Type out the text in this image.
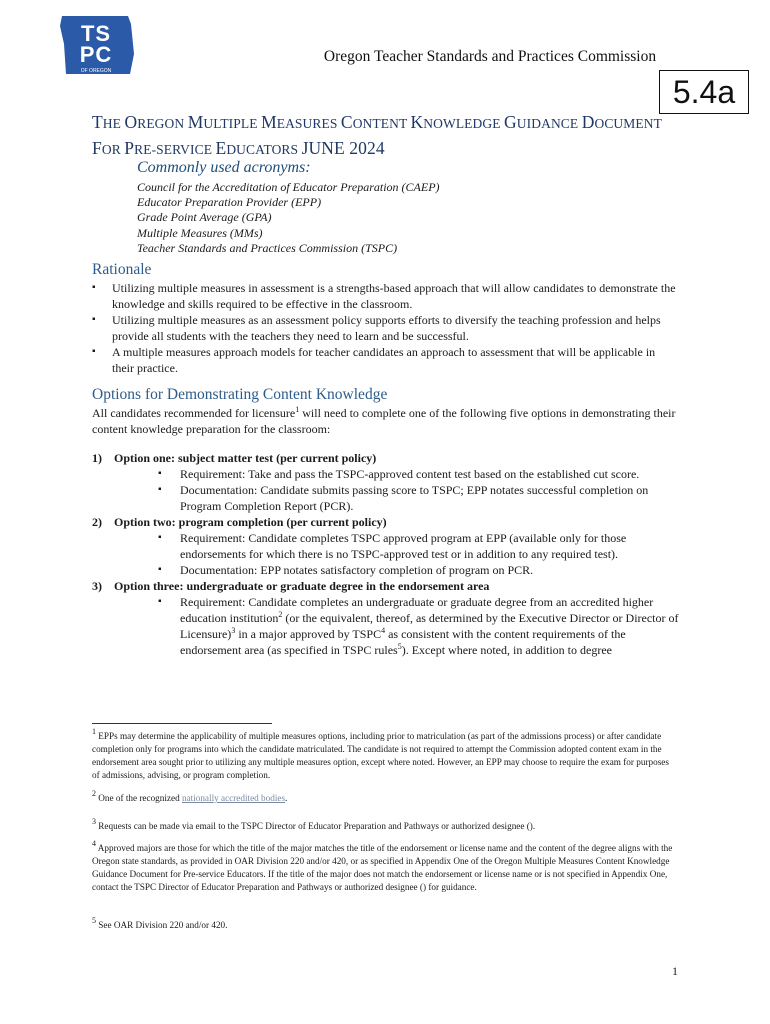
TS
PC
OF OREGON
Oregon Teacher Standards and Practices Commission
5.4a
THE OREGON MULTIPLE MEASURES CONTENT KNOWLEDGE GUIDANCE DOCUMENT
FOR PRE-SERVICE EDUCATORS JUNE 2024
Commonly used acronyms:
Council for the Accreditation of Educator Preparation (CAEP)
Educator Preparation Provider (EPP)
Grade Point Average (GPA)
Multiple Measures (MMs)
Teacher Standards and Practices Commission (TSPC)
Rationale
▪ Utilizing multiple measures in assessment is a strengths-based approach that will allow candidates to demonstrate the knowledge and skills required to be effective in the classroom.
▪ Utilizing multiple measures as an assessment policy supports efforts to diversify the teaching profession and helps provide all students with the teachers they need to learn and be successful.
▪ A multiple measures approach models for teacher candidates an approach to assessment that will be applicable in their practice.
Options for Demonstrating Content Knowledge

All candidates recommended for licensure$^1$ will need to complete one of the following five options in demonstrating their content knowledge preparation for the classroom:

1) Option one: subject matter test (per current policy)
▪ Requirement: Take and pass the TSPC-approved content test based on the established cut score.
▪ Documentation: Candidate submits passing score to TSPC; EPP notates successful completion on Program Completion Report (PCR).
2) Option two: program completion (per current policy)
▪ Requirement: Candidate completes TSPC approved program at EPP (available only for those endorsements for which there is no TSPC-approved test or in addition to any required test).
▪ Documentation: EPP notates satisfactory completion of program on PCR.
3) Option three: undergraduate or graduate degree in the endorsement area
▪ Requirement: Candidate completes an undergraduate or graduate degree from an accredited higher education institution$^2$ (or the equivalent, thereof, as determined by the Executive Director or Director of Licensure)$^3$ in a major approved by TSPC$^4$ as consistent with the content requirements of the endorsement area (as specified in TSPC rules$^5$). Except where noted, in addition to degree

$^1$ EPPs may determine the applicability of multiple measures options, including prior to matriculation (as part of the admissions process) or after candidate completion only for programs into which the candidate matriculated. The candidate is not required to attempt the Commission adopted content exam in the endorsement area sought prior to utilizing any multiple measures option, except where noted. However, an EPP may choose to require the exam for purposes of admissions, advising, or program completion.

$^2$ One of the recognized nationally accredited bodies.

$^3$ Requests can be made via email to the TSPC Director of Educator Preparation and Pathways or authorized designee ().

$^4$ Approved majors are those for which the title of the major matches the title of the endorsement or license name and the content of the degree aligns with the Oregon state standards, as provided in OAR Division 220 and/or 420, or as specified in Appendix One of the Oregon Multiple Measures Content Knowledge Guidance Document for Pre-service Educators. If the title of the major does not match the endorsement or license name or is not specified in Appendix One, contact the TSPC Director of Educator Preparation and Pathways or authorized designee () for guidance.

$^5$ See OAR Division 220 and/or 420.

1
